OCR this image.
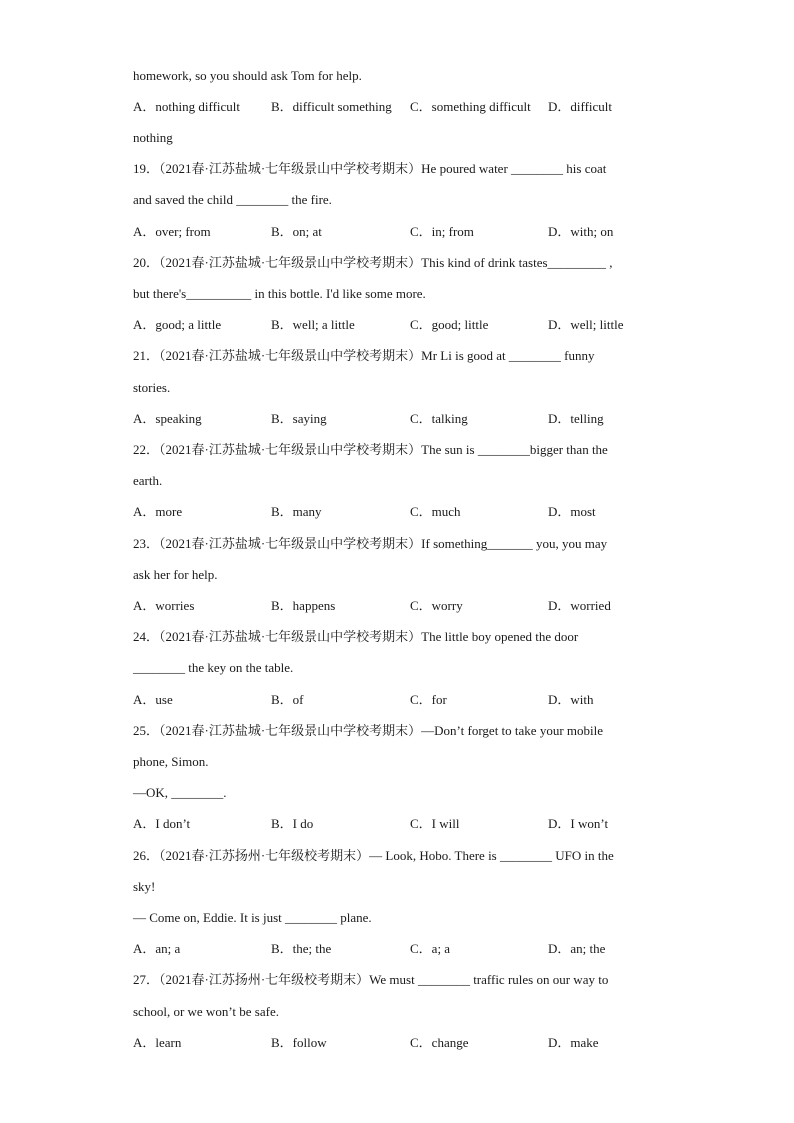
homework, so you should ask Tom for help.
A．nothing difficult B．difficult something C．something difficult D．difficult
nothing
19．（2021春·江苏盐城·七年级景山中学校考期末）He poured water ________ his coat
and saved the child ________ the fire.
A．over; from	B．on; at	C．in; from	D．with; on
20．（2021春·江苏盐城·七年级景山中学校考期末）This kind of drink tastes_________ ,
but there's__________ in this bottle. I'd like some more.
A．good; a little	B．well; a little	C．good; little	D．well; little
21．（2021春·江苏盐城·七年级景山中学校考期末）Mr Li is good at ________ funny
stories.
A．speaking	B．saying	C．talking	D．telling
22．（2021春·江苏盐城·七年级景山中学校考期末）The sun is ________bigger than the
earth.
A．more	B．many	C．much	D．most
23．（2021春·江苏盐城·七年级景山中学校考期末）If something_______ you, you may
ask her for help.
A．worries	B．happens	C．worry	D．worried
24．（2021春·江苏盐城·七年级景山中学校考期末）The little boy opened the door
________ the key on the table.
A．use	B．of	C．for	D．with
25．（2021春·江苏盐城·七年级景山中学校考期末）—Don’t forget to take your mobile
phone, Simon.
—OK, ________.
A．I don’t	B．I do	C．I will	D．I won’t
26．（2021春·江苏扬州·七年级校考期末）— Look, Hobo. There is ________ UFO in the
sky!
— Come on, Eddie. It is just ________ plane.
A．an; a	B．the; the	C．a; a	D．an; the
27．（2021春·江苏扬州·七年级校考期末）We must ________ traffic rules on our way to
school, or we won’t be safe.
A．learn	B．follow	C．change	D．make
